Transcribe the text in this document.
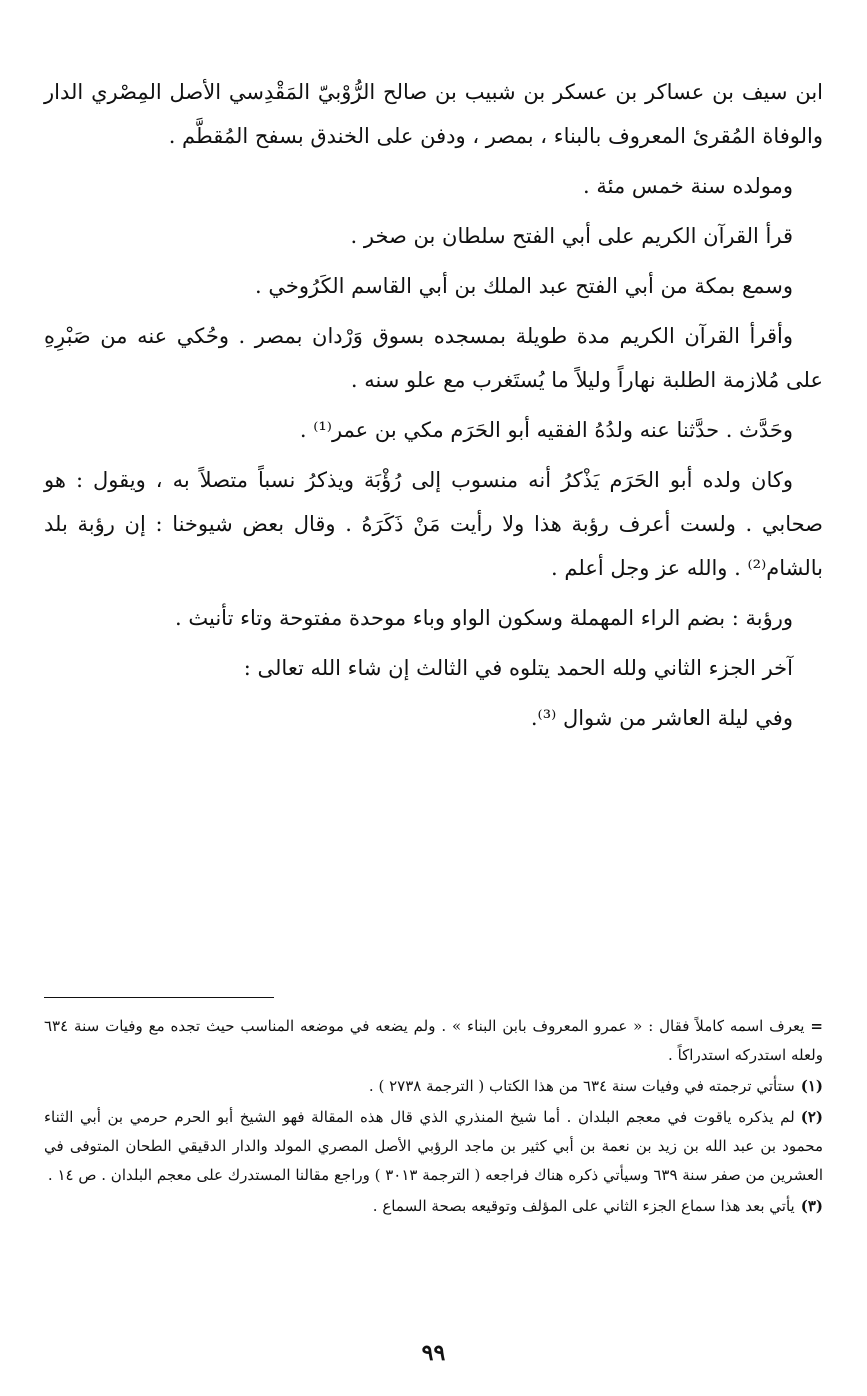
ابن سيف بن عساكر بن عسكر بن شبيب بن صالح الرُّوْبيّ المَقْدِسي الأصل المِصْري الدار والوفاة المُقرئ المعروف بالبناء ، بمصر ، ودفن على الخندق بسفح المُقطَّم .

ومولده سنة خمس مئة .

قرأ القرآن الكريم على أبي الفتح سلطان بن صخر .

وسمع بمكة من أبي الفتح عبد الملك بن أبي القاسم الكَرُوخي .

وأقرأ القرآن الكريم مدة طويلة بمسجده بسوق وَرْدان بمصر . وحُكي عنه من صَبْرِهِ على مُلازمة الطلبة نهاراً وليلاً ما يُستَغرب مع علو سنه .

وحَدَّث . حدَّثنا عنه ولدُهُ الفقيه أبو الحَرَم مكي بن عمر⁽¹⁾ .

وكان ولده أبو الحَرَم يَذْكرُ أنه منسوب إلى رُؤْبَة ويذكرُ نسباً متصلاً به ، ويقول : هو صحابي . ولست أعرف رؤبة هذا ولا رأيت مَنْ ذَكَرَهُ . وقال بعض شيوخنا : إن رؤبة بلد بالشام⁽²⁾ . والله عز وجل أعلم .

ورؤبة : بضم الراء المهملة وسكون الواو وباء موحدة مفتوحة وتاء تأنيث .

آخر الجزء الثاني ولله الحمد يتلوه في الثالث إن شاء الله تعالى :

وفي ليلة العاشر من شوال ⁽³⁾.

=يعرف اسمه كاملاً فقال : « عمرو المعروف بابن البناء » . ولم يضعه في موضعه المناسب حيث تجده مع وفيات سنة ٦٣٤ ولعله استدركه استدراكاً .

(١)ستأتي ترجمته في وفيات سنة ٦٣٤ من هذا الكتاب ( الترجمة ٢٧٣٨ ) .

(٢)لم يذكره ياقوت في معجم البلدان . أما شيخ المنذري الذي قال هذه المقالة فهو الشيخ أبو الحرم حرمي بن أبي الثناء محمود بن عبد الله بن زيد بن نعمة بن أبي كثير بن ماجد الرؤبي الأصل المصري المولد والدار الدقيقي الطحان المتوفى في العشرين من صفر سنة ٦٣٩ وسيأتي ذكره هناك فراجعه ( الترجمة ٣٠١٣ ) وراجع مقالنا المستدرك على معجم البلدان . ص ١٤ .

(٣)يأتي بعد هذا سماع الجزء الثاني على المؤلف وتوقيعه بصحة السماع .

٩٩
